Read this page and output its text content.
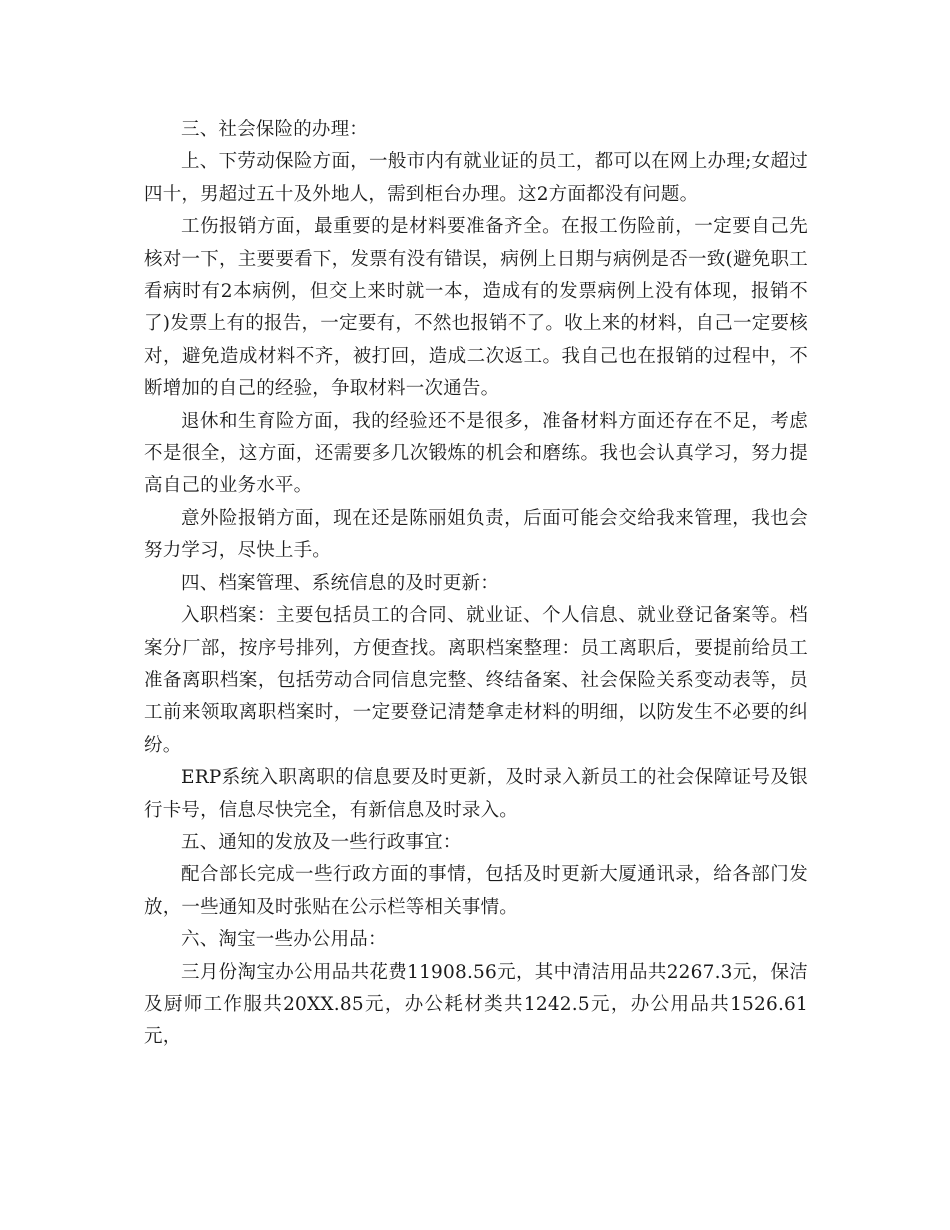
三、社会保险的办理：

上、下劳动保险方面，一般市内有就业证的员工，都可以在网上办理;女超过四十，男超过五十及外地人，需到柜台办理。这2方面都没有问题。

工伤报销方面，最重要的是材料要准备齐全。在报工伤险前，一定要自己先核对一下，主要要看下，发票有没有错误，病例上日期与病例是否一致(避免职工看病时有2本病例，但交上来时就一本，造成有的发票病例上没有体现，报销不了)发票上有的报告，一定要有，不然也报销不了。收上来的材料，自己一定要核对，避免造成材料不齐，被打回，造成二次返工。我自己也在报销的过程中，不断增加的自己的经验，争取材料一次通告。

退休和生育险方面，我的经验还不是很多，准备材料方面还存在不足，考虑不是很全，这方面，还需要多几次锻炼的机会和磨练。我也会认真学习，努力提高自己的业务水平。

意外险报销方面，现在还是陈丽姐负责，后面可能会交给我来管理，我也会努力学习，尽快上手。

四、档案管理、系统信息的及时更新：

入职档案：主要包括员工的合同、就业证、个人信息、就业登记备案等。档案分厂部，按序号排列，方便查找。离职档案整理：员工离职后，要提前给员工准备离职档案，包括劳动合同信息完整、终结备案、社会保险关系变动表等，员工前来领取离职档案时，一定要登记清楚拿走材料的明细，以防发生不必要的纠纷。

ERP系统入职离职的信息要及时更新，及时录入新员工的社会保障证号及银行卡号，信息尽快完全，有新信息及时录入。

五、通知的发放及一些行政事宜：

配合部长完成一些行政方面的事情，包括及时更新大厦通讯录，给各部门发放，一些通知及时张贴在公示栏等相关事情。

六、淘宝一些办公用品：

三月份淘宝办公用品共花费11908.56元，其中清洁用品共2267.3元，保洁及厨师工作服共20XX.85元，办公耗材类共1242.5元，办公用品共1526.61元，
